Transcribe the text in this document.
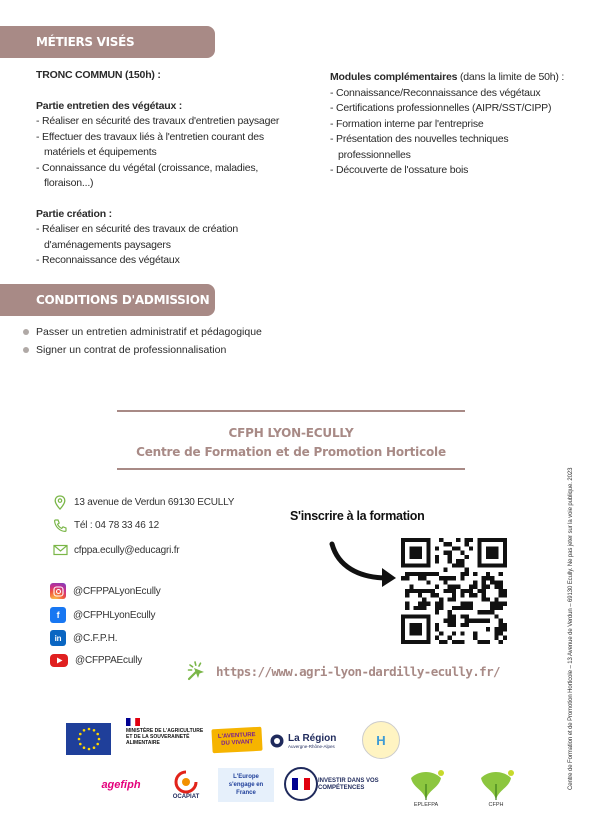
MÉTIERS VISÉS
TRONC COMMUN (150h) :
Partie entretien des végétaux :
- Réaliser en sécurité des travaux d'entretien paysager
- Effectuer des travaux liés à l'entretien courant des matériels et équipements
- Connaissance du végétal (croissance, maladies, floraison...)
Partie création :
- Réaliser en sécurité des travaux de création d'aménagements paysagers
- Reconnaissance des végétaux
Modules complémentaires (dans la limite de 50h) :
- Connaissance/Reconnaissance des végétaux
- Certifications professionnelles (AIPR/SST/CIPP)
- Formation interne par l'entreprise
- Présentation des nouvelles techniques professionnelles
- Découverte de l'ossature bois
CONDITIONS D'ADMISSION
Passer un entretien administratif et pédagogique
Signer un contrat de professionnalisation
CFPH LYON-ECULLY
Centre de Formation et de Promotion Horticole
13 avenue de Verdun 69130 ECULLY
Tél : 04 78 33 46 12
cfppa.ecully@educagri.fr
@CFPPALyonEcully
f	@CFPHLyonEcully
in	@C.F.P.H.
@CFPPAEcully
S'inscrire à la formation
https://www.agri-lyon-dardilly-ecully.fr/	Centre de Formation et de Promotion Horticole – 13 Avenue de Verdun – 69130 Ecully. Ne pas jeter sur la voie publique. 2023
MINISTÈRE DE L'AGRICULTURE ET DE LA SOUVERAINETÉ ALIMENTAIRE
L'AVENTURE DU VIVANT	La Région
Auvergne-Rhône-Alpes	H
agefiph
OCAPIAT
L'Europe s'engage en France
INVESTIR DANS VOS COMPÉTENCES
EPLEFPA	CFPH
